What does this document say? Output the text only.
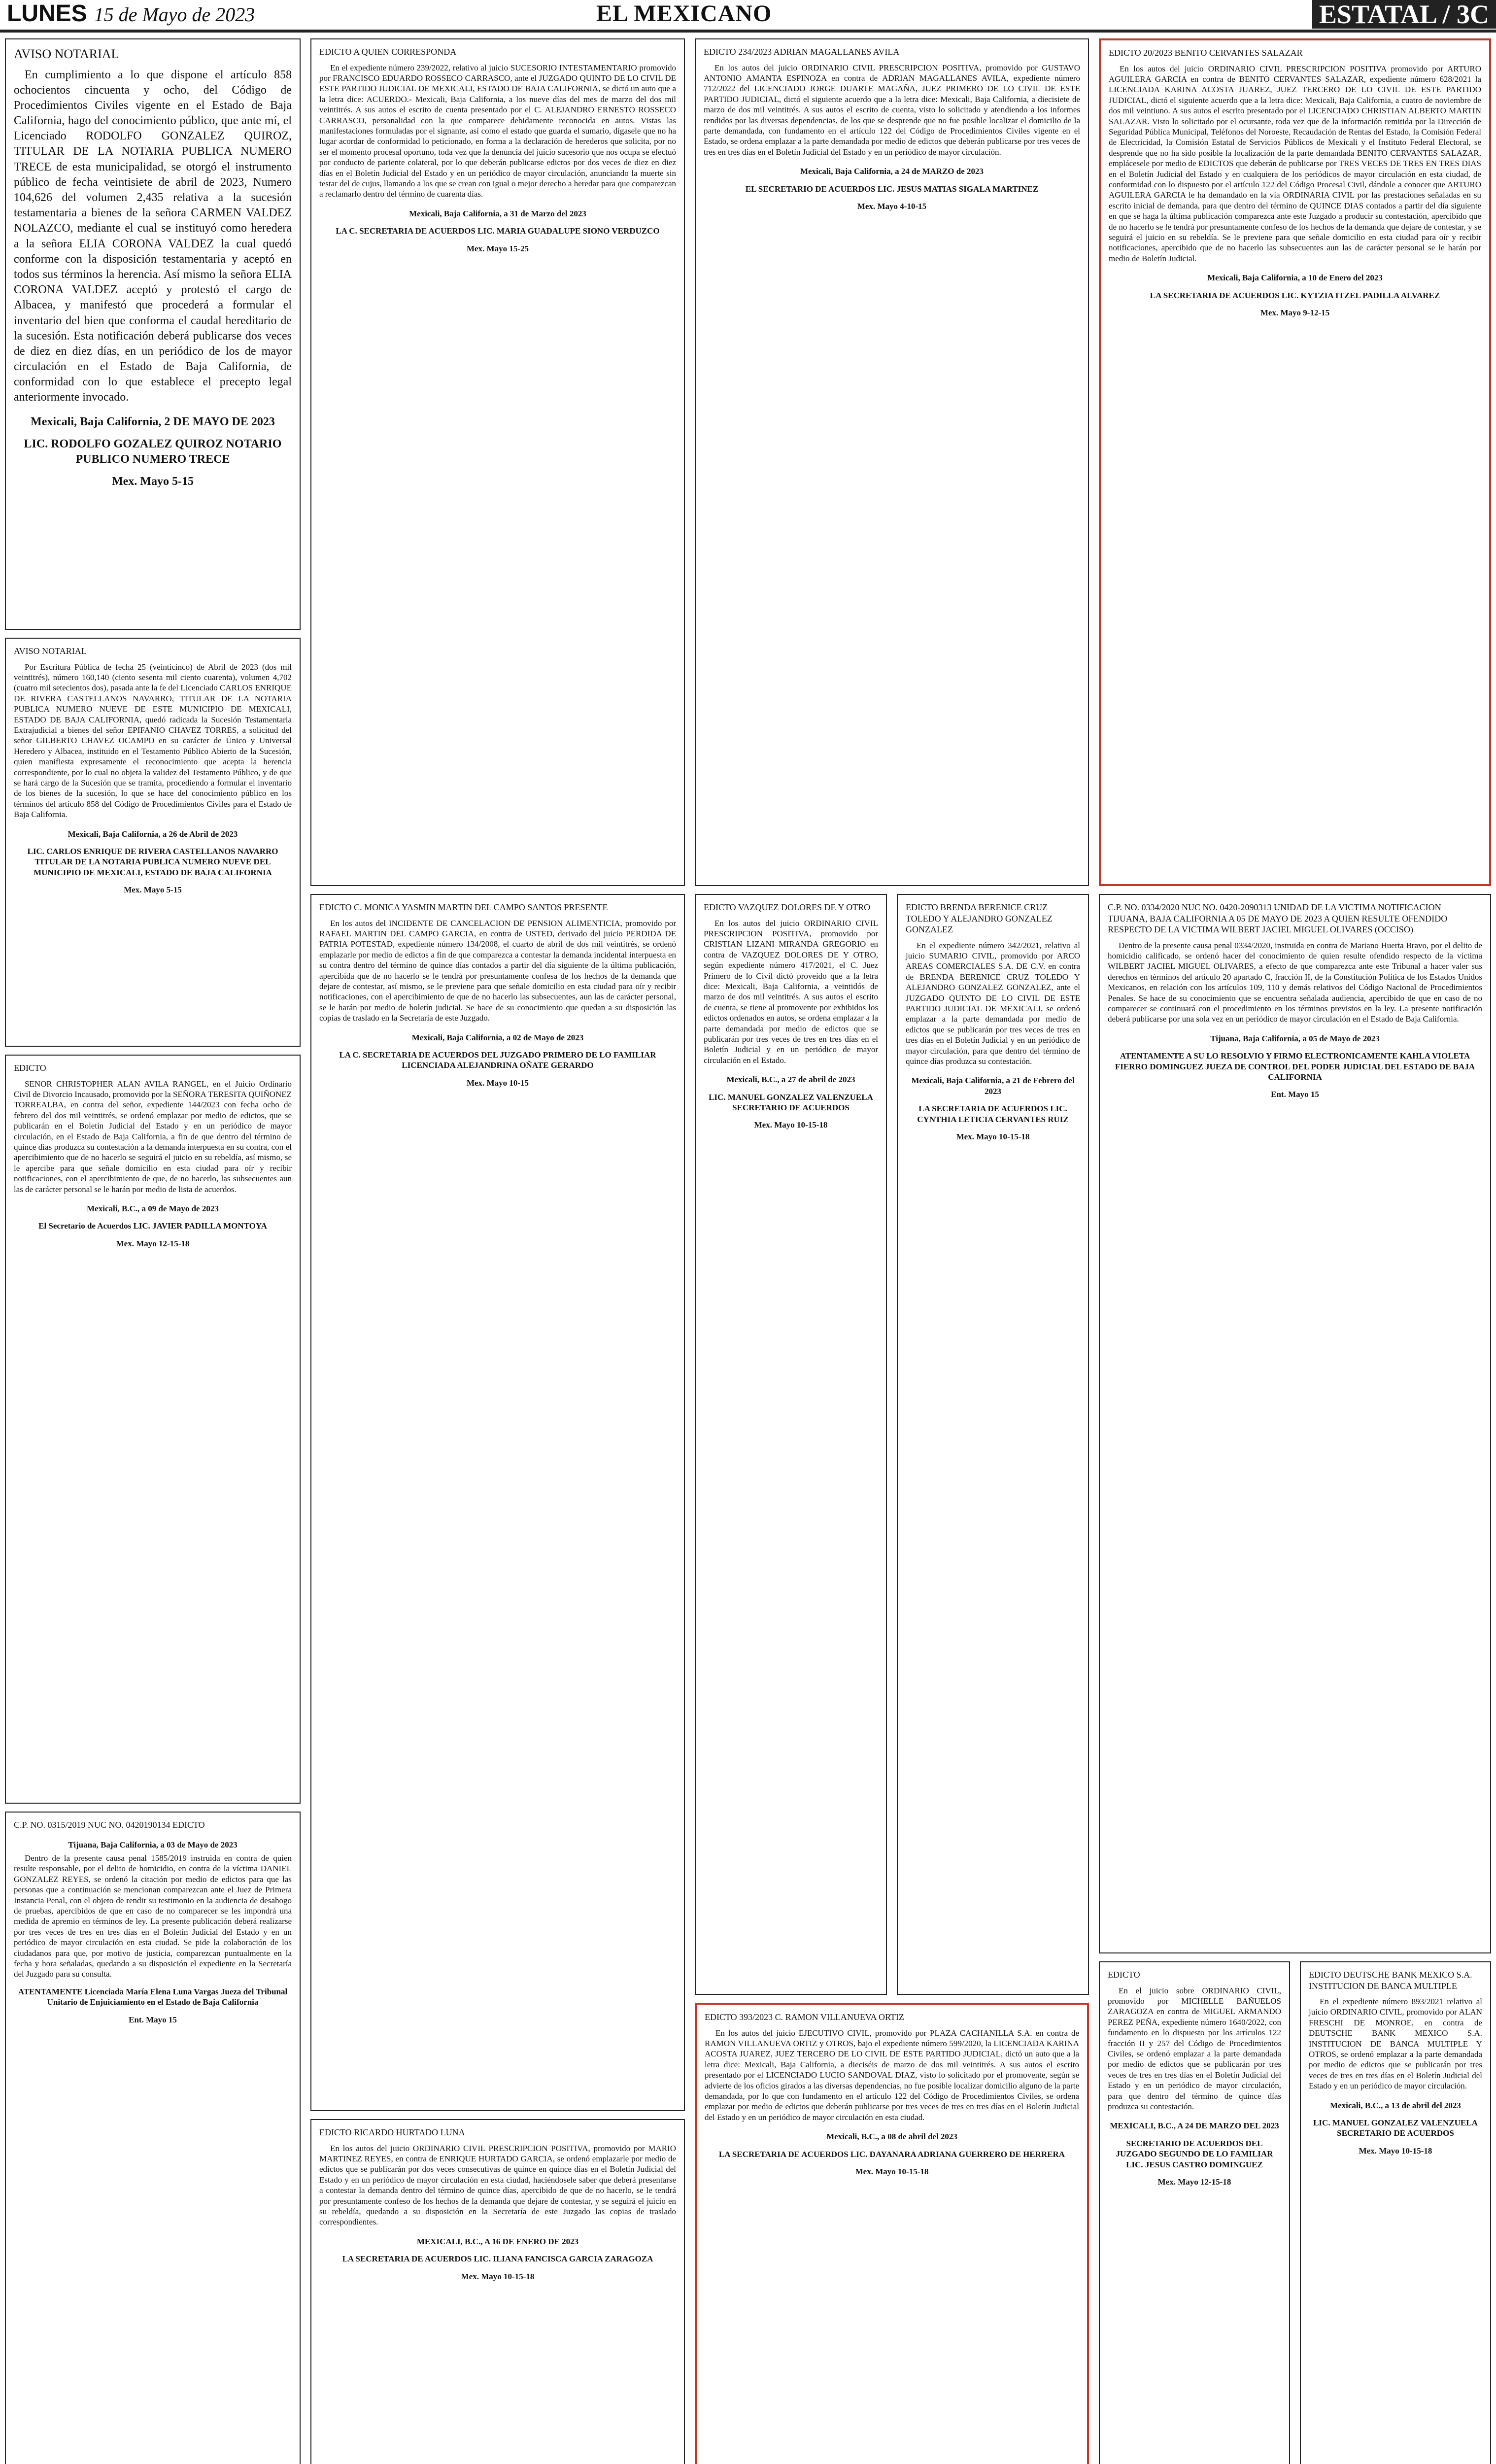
LUNES 15 de Mayo de 2023	EL MEXICANO	ESTATAL / 3C
AVISO NOTARIAL

En cumplimiento a lo que dispone el artículo 858 ochocientos cincuenta y ocho, del Código de Procedimientos Civiles vigente en el Estado de Baja California, hago del conocimiento público, que ante mí, el Licenciado RODOLFO GONZALEZ QUIROZ, TITULAR DE LA NOTARIA PUBLICA NUMERO TRECE de esta municipalidad, se otorgó el instrumento público de fecha veintisiete de abril de 2023, Numero 104,626 del volumen 2,435 relativa a la sucesión testamentaria a bienes de la señora CARMEN VALDEZ NOLAZCO, mediante el cual se instituyó como heredera a la señora ELIA CORONA VALDEZ la cual quedó conforme con la disposición testamentaria y aceptó en todos sus términos la herencia. Así mismo la señora ELIA CORONA VALDEZ aceptó y protestó el cargo de Albacea, y manifestó que procederá a formular el inventario del bien que conforma el caudal hereditario de la sucesión. Esta notificación deberá publicarse dos veces de diez en diez días, en un periódico de los de mayor circulación en el Estado de Baja California, de conformidad con lo que establece el precepto legal anteriormente invocado.

Mexicali, Baja California, 2 DE MAYO DE 2023
LIC. RODOLFO GOZALEZ QUIROZ NOTARIO PUBLICO NUMERO TRECE
Mex. Mayo 5-15
AVISO NOTARIAL

Por Escritura Pública de fecha 25 (veinticinco) de Abril de 2023 (dos mil veintitrés), número 160,140 (ciento sesenta mil ciento cuarenta), volumen 4,702 (cuatro mil setecientos dos), pasada ante la fe del Licenciado CARLOS ENRIQUE DE RIVERA CASTELLANOS NAVARRO, TITULAR DE LA NOTARIA PUBLICA NUMERO NUEVE DE ESTE MUNICIPIO DE MEXICALI, ESTADO DE BAJA CALIFORNIA, quedó radicada la Sucesión Testamentaria Extrajudicial a bienes del señor EPIFANIO CHAVEZ TORRES, a solicitud del señor GILBERTO CHAVEZ OCAMPO en su carácter de Único y Universal Heredero y Albacea, instituido en el Testamento Público Abierto de la Sucesión, quien manifiesta expresamente el reconocimiento que acepta la herencia correspondiente, por lo cual no objeta la validez del Testamento Público, y de que se hará cargo de la Sucesión que se tramita, procediendo a formular el inventario de los bienes de la sucesión, lo que se hace del conocimiento público en los términos del artículo 858 del Código de Procedimientos Civiles para el Estado de Baja California.

Mexicali, Baja California, a 26 de Abril de 2023
LIC. CARLOS ENRIQUE DE RIVERA CASTELLANOS NAVARRO TITULAR DE LA NOTARIA PUBLICA NUMERO NUEVE DEL MUNICIPIO DE MEXICALI, ESTADO DE BAJA CALIFORNIA
Mex. Mayo 5-15
EDICTO

SENOR CHRISTOPHER ALAN AVILA RANGEL, en el Juicio Ordinario Civil de Divorcio Incausado, promovido por la SEÑORA TERESITA QUIÑONEZ TORREALBA, en contra del señor, expediente 144/2023 con fecha ocho de febrero del dos mil veintitrés, se ordenó emplazar por medio de edictos, que se publicarán en el Boletín Judicial del Estado y en un periódico de mayor circulación, en el Estado de Baja California, a fin de que dentro del término de quince días produzca su contestación a la demanda interpuesta en su contra, con el apercibimiento que de no hacerlo se seguirá el juicio en su rebeldía, así mismo, se le apercibe para que señale domicilio en esta ciudad para oír y recibir notificaciones, con el apercibimiento de que, de no hacerlo, las subsecuentes aun las de carácter personal se le harán por medio de lista de acuerdos.

Mexicali, B.C., a 09 de Mayo de 2023
El Secretario de Acuerdos LIC. JAVIER PADILLA MONTOYA
Mex. Mayo 12-15-18
C.P. NO. 0315/2019 NUC NO. 0420190134 EDICTO
Tijuana, Baja California, a 03 de Mayo de 2023

Dentro de la presente causa penal 1585/2019 instruida en contra de quien resulte responsable, por el delito de homicidio, en contra de la víctima DANIEL GONZALEZ REYES, se ordenó la citación por medio de edictos para que las personas que a continuación se mencionan comparezcan ante el Juez de Primera Instancia Penal, con el objeto de rendir su testimonio en la audiencia de desahogo de pruebas, apercibidos de que en caso de no comparecer se les impondrá una medida de apremio en términos de ley. La presente publicación deberá realizarse por tres veces de tres en tres días en el Boletín Judicial del Estado y en un periódico de mayor circulación en esta ciudad. Se pide la colaboración de los ciudadanos para que, por motivo de justicia, comparezcan puntualmente en la fecha y hora señaladas, quedando a su disposición el expediente en la Secretaría del Juzgado para su consulta.

ATENTAMENTE Licenciada María Elena Luna Vargas Jueza del Tribunal Unitario de Enjuiciamiento en el Estado de Baja California
Ent. Mayo 15
EDICTO A QUIEN CORRESPONDA

En el expediente número 239/2022, relativo al juicio SUCESORIO INTESTAMENTARIO promovido por FRANCISCO EDUARDO ROSSECO CARRASCO, ante el JUZGADO QUINTO DE LO CIVIL DE ESTE PARTIDO JUDICIAL DE MEXICALI, ESTADO DE BAJA CALIFORNIA, se dictó un auto que a la letra dice: ACUERDO.- Mexicali, Baja California, a los nueve días del mes de marzo del dos mil veintitrés. A sus autos el escrito de cuenta presentado por el C. ALEJANDRO ERNESTO ROSSECO CARRASCO, personalidad con la que comparece debidamente reconocida en autos. Vistas las manifestaciones formuladas por el signante, así como el estado que guarda el sumario, dígasele que no ha lugar acordar de conformidad lo peticionado, en forma a la declaración de herederos que solicita, por no ser el momento procesal oportuno, toda vez que la denuncia del juicio sucesorio que nos ocupa se efectuó por conducto de pariente colateral, por lo que deberán publicarse edictos por dos veces de diez en diez días en el Boletín Judicial del Estado y en un periódico de mayor circulación, anunciando la muerte sin testar del de cujus, llamando a los que se crean con igual o mejor derecho a heredar para que comparezcan a reclamarlo dentro del término de cuarenta días.

Mexicali, Baja California, a 31 de Marzo del 2023
LA C. SECRETARIA DE ACUERDOS LIC. MARIA GUADALUPE SIONO VERDUZCO
Mex. Mayo 15-25
EDICTO C. MONICA YASMIN MARTIN DEL CAMPO SANTOS PRESENTE

En los autos del INCIDENTE DE CANCELACION DE PENSION ALIMENTICIA, promovido por RAFAEL MARTIN DEL CAMPO GARCIA, en contra de USTED, derivado del juicio PERDIDA DE PATRIA POTESTAD, expediente número 134/2008, el cuarto de abril de dos mil veintitrés, se ordenó emplazarle por medio de edictos a fin de que comparezca a contestar la demanda incidental interpuesta en su contra dentro del término de quince días contados a partir del día siguiente de la última publicación, apercibida que de no hacerlo se le tendrá por presuntamente confesa de los hechos de la demanda que dejare de contestar, así mismo, se le previene para que señale domicilio en esta ciudad para oír y recibir notificaciones, con el apercibimiento de que de no hacerlo las subsecuentes, aun las de carácter personal, se le harán por medio de boletín judicial. Se hace de su conocimiento que quedan a su disposición las copias de traslado en la Secretaría de este Juzgado.

Mexicali, Baja California, a 02 de Mayo de 2023
LA C. SECRETARIA DE ACUERDOS DEL JUZGADO PRIMERO DE LO FAMILIAR LICENCIADA ALEJANDRINA OÑATE GERARDO
Mex. Mayo 10-15
EDICTO RICARDO HURTADO LUNA

En los autos del juicio ORDINARIO CIVIL PRESCRIPCION POSITIVA, promovido por MARIO MARTINEZ REYES, en contra de ENRIQUE HURTADO GARCIA, se ordenó emplazarle por medio de edictos que se publicarán por dos veces consecutivas de quince en quince días en el Boletín Judicial del Estado y en un periódico de mayor circulación en esta ciudad, haciéndosele saber que deberá presentarse a contestar la demanda dentro del término de quince días, apercibido de que de no hacerlo, se le tendrá por presuntamente confeso de los hechos de la demanda que dejare de contestar, y se seguirá el juicio en su rebeldía, quedando a su disposición en la Secretaría de este Juzgado las copias de traslado correspondientes.

MEXICALI, B.C., A 16 DE ENERO DE 2023
LA SECRETARIA DE ACUERDOS LIC. ILIANA FANCISCA GARCIA ZARAGOZA
Mex. Mayo 10-15-18
EDICTO 234/2023 ADRIAN MAGALLANES AVILA

En los autos del juicio ORDINARIO CIVIL PRESCRIPCION POSITIVA, promovido por GUSTAVO ANTONIO AMANTA ESPINOZA en contra de ADRIAN MAGALLANES AVILA, expediente número 712/2022 del LICENCIADO JORGE DUARTE MAGAÑA, JUEZ PRIMERO DE LO CIVIL DE ESTE PARTIDO JUDICIAL, dictó el siguiente acuerdo que a la letra dice: Mexicali, Baja California, a diecisiete de marzo de dos mil veintitrés. A sus autos el escrito de cuenta, visto lo solicitado y atendiendo a los informes rendidos por las diversas dependencias, de los que se desprende que no fue posible localizar el domicilio de la parte demandada, con fundamento en el artículo 122 del Código de Procedimientos Civiles vigente en el Estado, se ordena emplazar a la parte demandada por medio de edictos que deberán publicarse por tres veces de tres en tres días en el Boletín Judicial del Estado y en un periódico de mayor circulación.

Mexicali, Baja California, a 24 de MARZO de 2023
EL SECRETARIO DE ACUERDOS LIC. JESUS MATIAS SIGALA MARTINEZ
Mex. Mayo 4-10-15
EDICTO VAZQUEZ DOLORES DE Y OTRO

En los autos del juicio ORDINARIO CIVIL PRESCRIPCION POSITIVA, promovido por CRISTIAN LIZANI MIRANDA GREGORIO en contra de VAZQUEZ DOLORES DE Y OTRO, según expediente número 417/2021, el C. Juez Primero de lo Civil dictó proveído que a la letra dice: Mexicali, Baja California, a veintidós de marzo de dos mil veintitrés. A sus autos el escrito de cuenta, se tiene al promovente por exhibidos los edictos ordenados en autos, se ordena emplazar a la parte demandada por medio de edictos que se publicarán por tres veces de tres en tres días en el Boletín Judicial y en un periódico de mayor circulación en el Estado.

Mexicali, B.C., a 27 de abril de 2023
LIC. MANUEL GONZALEZ VALENZUELA SECRETARIO DE ACUERDOS
Mex. Mayo 10-15-18
EDICTO BRENDA BERENICE CRUZ TOLEDO Y ALEJANDRO GONZALEZ GONZALEZ

En el expediente número 342/2021, relativo al juicio SUMARIO CIVIL, promovido por ARCO AREAS COMERCIALES S.A. DE C.V. en contra de BRENDA BERENICE CRUZ TOLEDO Y ALEJANDRO GONZALEZ GONZALEZ, ante el JUZGADO QUINTO DE LO CIVIL DE ESTE PARTIDO JUDICIAL DE MEXICALI, se ordenó emplazar a la parte demandada por medio de edictos que se publicarán por tres veces de tres en tres días en el Boletín Judicial y en un periódico de mayor circulación, para que dentro del término de quince días produzca su contestación.

Mexicali, Baja California, a 21 de Febrero del 2023
LA SECRETARIA DE ACUERDOS LIC. CYNTHIA LETICIA CERVANTES RUIZ
Mex. Mayo 10-15-18
EDICTO 393/2023 C. RAMON VILLANUEVA ORTIZ

En los autos del juicio EJECUTIVO CIVIL, promovido por PLAZA CACHANILLA S.A. en contra de RAMON VILLANUEVA ORTIZ y OTROS, bajo el expediente número 599/2020, la LICENCIADA KARINA ACOSTA JUAREZ, JUEZ TERCERO DE LO CIVIL DE ESTE PARTIDO JUDICIAL, dictó un auto que a la letra dice: Mexicali, Baja California, a dieciséis de marzo de dos mil veintitrés. A sus autos el escrito presentado por el LICENCIADO LUCIO SANDOVAL DIAZ, visto lo solicitado por el promovente, según se advierte de los oficios girados a las diversas dependencias, no fue posible localizar domicilio alguno de la parte demandada, por lo que con fundamento en el artículo 122 del Código de Procedimientos Civiles, se ordena emplazar por medio de edictos que deberán publicarse por tres veces de tres en tres días en el Boletín Judicial del Estado y en un periódico de mayor circulación en esta ciudad.

Mexicali, B.C., a 08 de abril del 2023
LA SECRETARIA DE ACUERDOS LIC. DAYANARA ADRIANA GUERRERO DE HERRERA
Mex. Mayo 10-15-18
EDICTO 20/2023 BENITO CERVANTES SALAZAR

En los autos del juicio ORDINARIO CIVIL PRESCRIPCION POSITIVA promovido por ARTURO AGUILERA GARCIA en contra de BENITO CERVANTES SALAZAR, expediente número 628/2021 la LICENCIADA KARINA ACOSTA JUAREZ, JUEZ TERCERO DE LO CIVIL DE ESTE PARTIDO JUDICIAL, dictó el siguiente acuerdo que a la letra dice: Mexicali, Baja California, a cuatro de noviembre de dos mil veintiuno. A sus autos el escrito presentado por el LICENCIADO CHRISTIAN ALBERTO MARTIN SALAZAR. Visto lo solicitado por el ocursante, toda vez que de la información remitida por la Dirección de Seguridad Pública Municipal, Teléfonos del Noroeste, Recaudación de Rentas del Estado, la Comisión Federal de Electricidad, la Comisión Estatal de Servicios Públicos de Mexicali y el Instituto Federal Electoral, se desprende que no ha sido posible la localización de la parte demandada BENITO CERVANTES SALAZAR, emplácesele por medio de EDICTOS que deberán de publicarse por TRES VECES DE TRES EN TRES DIAS en el Boletín Judicial del Estado y en cualquiera de los periódicos de mayor circulación en esta ciudad, de conformidad con lo dispuesto por el artículo 122 del Código Procesal Civil, dándole a conocer que ARTURO AGUILERA GARCIA le ha demandado en la vía ORDINARIA CIVIL por las prestaciones señaladas en su escrito inicial de demanda, para que dentro del término de QUINCE DIAS contados a partir del día siguiente en que se haga la última publicación comparezca ante este Juzgado a producir su contestación, apercibido que de no hacerlo se le tendrá por presuntamente confeso de los hechos de la demanda que dejare de contestar, y se seguirá el juicio en su rebeldía. Se le previene para que señale domicilio en esta ciudad para oír y recibir notificaciones, apercibido que de no hacerlo las subsecuentes aun las de carácter personal se le harán por medio de Boletín Judicial.

Mexicali, Baja California, a 10 de Enero del 2023
LA SECRETARIA DE ACUERDOS LIC. KYTZIA ITZEL PADILLA ALVAREZ
Mex. Mayo 9-12-15
C.P. NO. 0334/2020 NUC NO. 0420-2090313 UNIDAD DE LA VICTIMA NOTIFICACION TIJUANA, BAJA CALIFORNIA A 05 DE MAYO DE 2023 A QUIEN RESULTE OFENDIDO RESPECTO DE LA VICTIMA WILBERT JACIEL MIGUEL OLIVARES (OCCISO)

Dentro de la presente causa penal 0334/2020, instruida en contra de Mariano Huerta Bravo, por el delito de homicidio calificado, se ordenó hacer del conocimiento de quien resulte ofendido respecto de la víctima WILBERT JACIEL MIGUEL OLIVARES, a efecto de que comparezca ante este Tribunal a hacer valer sus derechos en términos del artículo 20 apartado C, fracción II, de la Constitución Política de los Estados Unidos Mexicanos, en relación con los artículos 109, 110 y demás relativos del Código Nacional de Procedimientos Penales. Se hace de su conocimiento que se encuentra señalada audiencia, apercibido de que en caso de no comparecer se continuará con el procedimiento en los términos previstos en la ley. La presente notificación deberá publicarse por una sola vez en un periódico de mayor circulación en el Estado de Baja California.

Tijuana, Baja California, a 05 de Mayo de 2023
ATENTAMENTE A SU LO RESOLVIO Y FIRMO ELECTRONICAMENTE KAHLA VIOLETA FIERRO DOMINGUEZ JUEZA DE CONTROL DEL PODER JUDICIAL DEL ESTADO DE BAJA CALIFORNIA
Ent. Mayo 15
EDICTO

En el juicio sobre ORDINARIO CIVIL, promovido por MICHELLE BAÑUELOS ZARAGOZA en contra de MIGUEL ARMANDO PEREZ PEÑA, expediente número 1640/2022, con fundamento en lo dispuesto por los artículos 122 fracción II y 257 del Código de Procedimientos Civiles, se ordenó emplazar a la parte demandada por medio de edictos que se publicarán por tres veces de tres en tres días en el Boletín Judicial del Estado y en un periódico de mayor circulación, para que dentro del término de quince días produzca su contestación.

MEXICALI, B.C., A 24 DE MARZO DEL 2023
SECRETARIO DE ACUERDOS DEL JUZGADO SEGUNDO DE LO FAMILIAR LIC. JESUS CASTRO DOMINGUEZ
Mex. Mayo 12-15-18
EDICTO DEUTSCHE BANK MEXICO S.A. INSTITUCION DE BANCA MULTIPLE

En el expediente número 893/2021 relativo al juicio ORDINARIO CIVIL, promovido por ALAN FRESCHI DE MONROE, en contra de DEUTSCHE BANK MEXICO S.A. INSTITUCION DE BANCA MULTIPLE Y OTROS, se ordenó emplazar a la parte demandada por medio de edictos que se publicarán por tres veces de tres en tres días en el Boletín Judicial del Estado y en un periódico de mayor circulación.

Mexicali, B.C., a 13 de abril del 2023
LIC. MANUEL GONZALEZ VALENZUELA SECRETARIO DE ACUERDOS
Mex. Mayo 10-15-18
